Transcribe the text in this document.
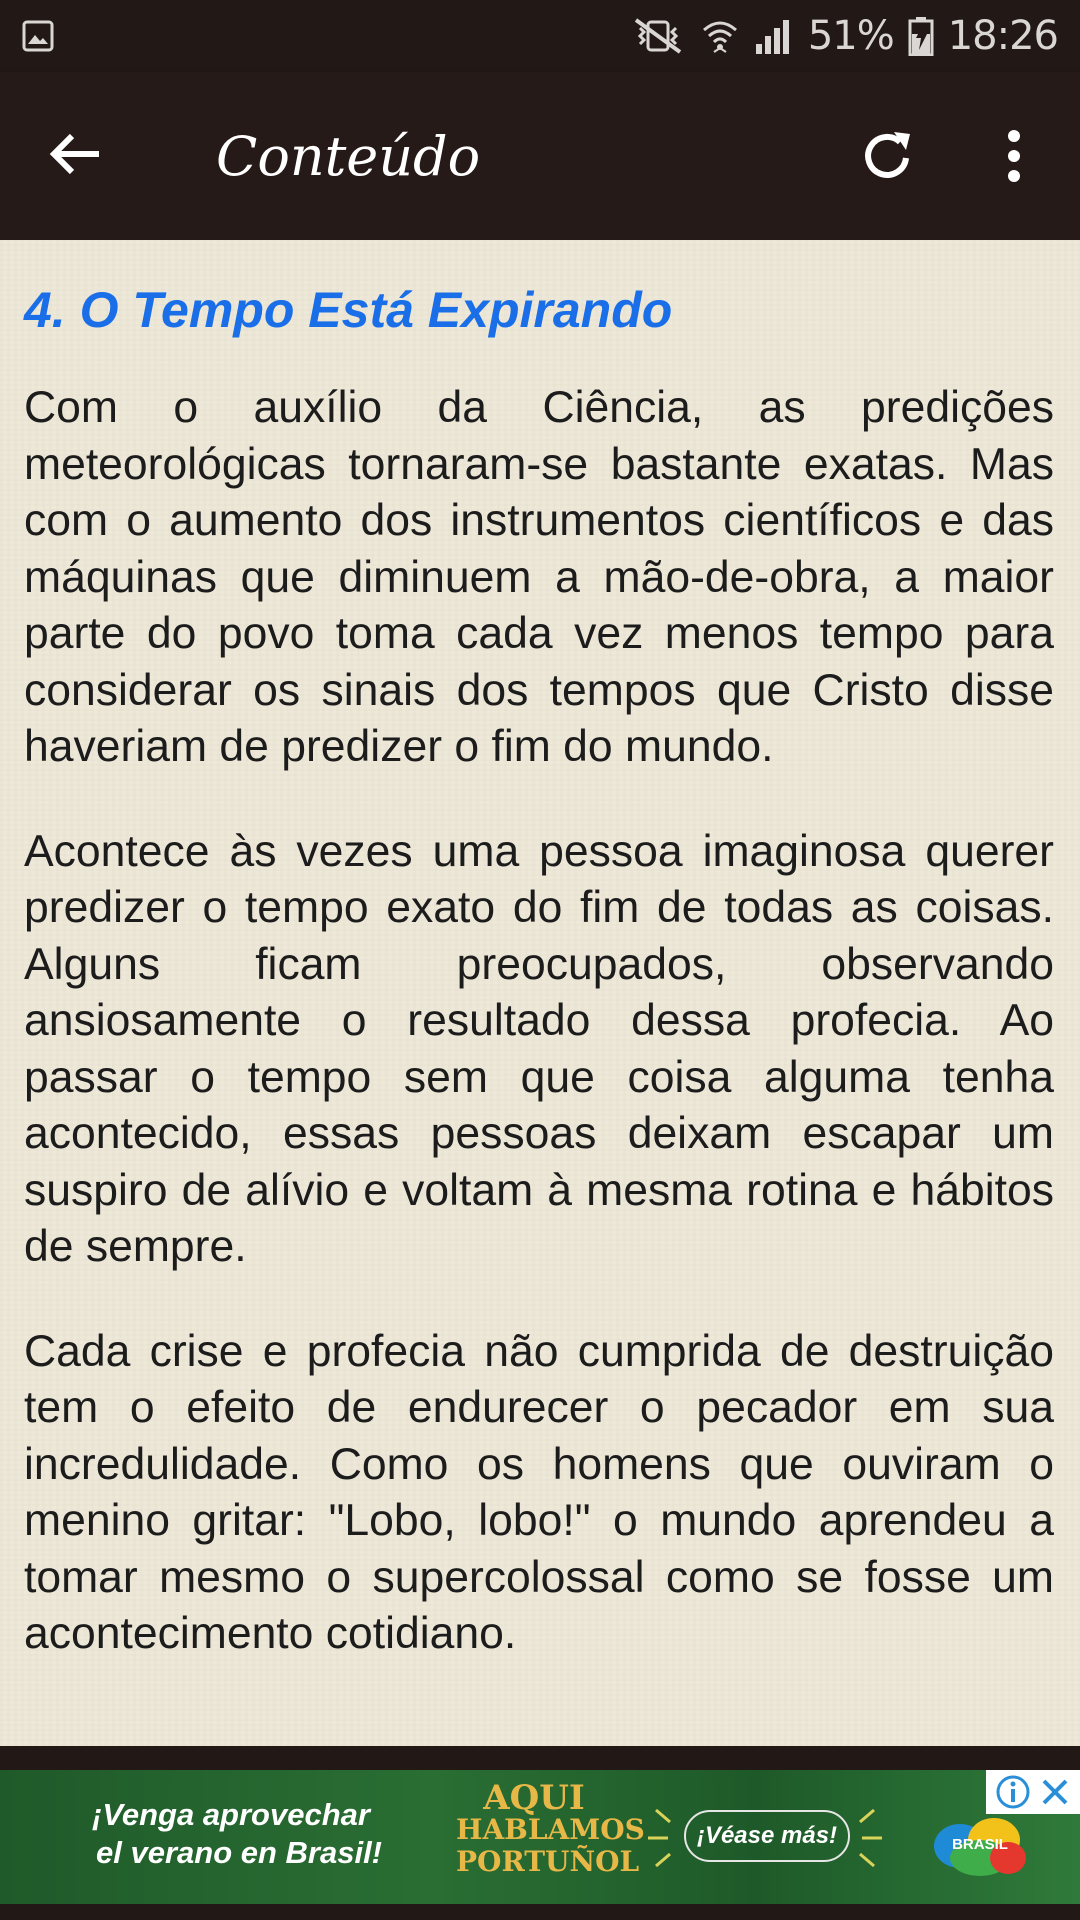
51% 18:26
Conteúdo
4. O Tempo Está Expirando

Com o auxílio da Ciência, as predições meteorológicas tornaram-se bastante exatas. Mas com o aumento dos instrumentos científicos e das máquinas que diminuem a mão-de-obra, a maior parte do povo toma cada vez menos tempo para considerar os sinais dos tempos que Cristo disse haveriam de predizer o fim do mundo.

Acontece às vezes uma pessoa imaginosa querer predizer o tempo exato do fim de todas as coisas. Alguns ficam preocupados, observando ansiosamente o resultado dessa profecia. Ao passar o tempo sem que coisa alguma tenha acontecido, essas pessoas deixam escapar um suspiro de alívio e voltam à mesma rotina e hábitos de sempre.

Cada crise e profecia não cumprida de destruição tem o efeito de endurecer o pecador em sua incredulidade. Como os homens que ouviram o menino gritar: "Lobo, lobo!" o mundo aprendeu a tomar mesmo o supercolossal como se fosse um acontecimento cotidiano.

¡Venga aprovechar
el verano en Brasil!
AQUI
HABLAMOS
PORTUÑOL
¡Véase más!	BRASIL
